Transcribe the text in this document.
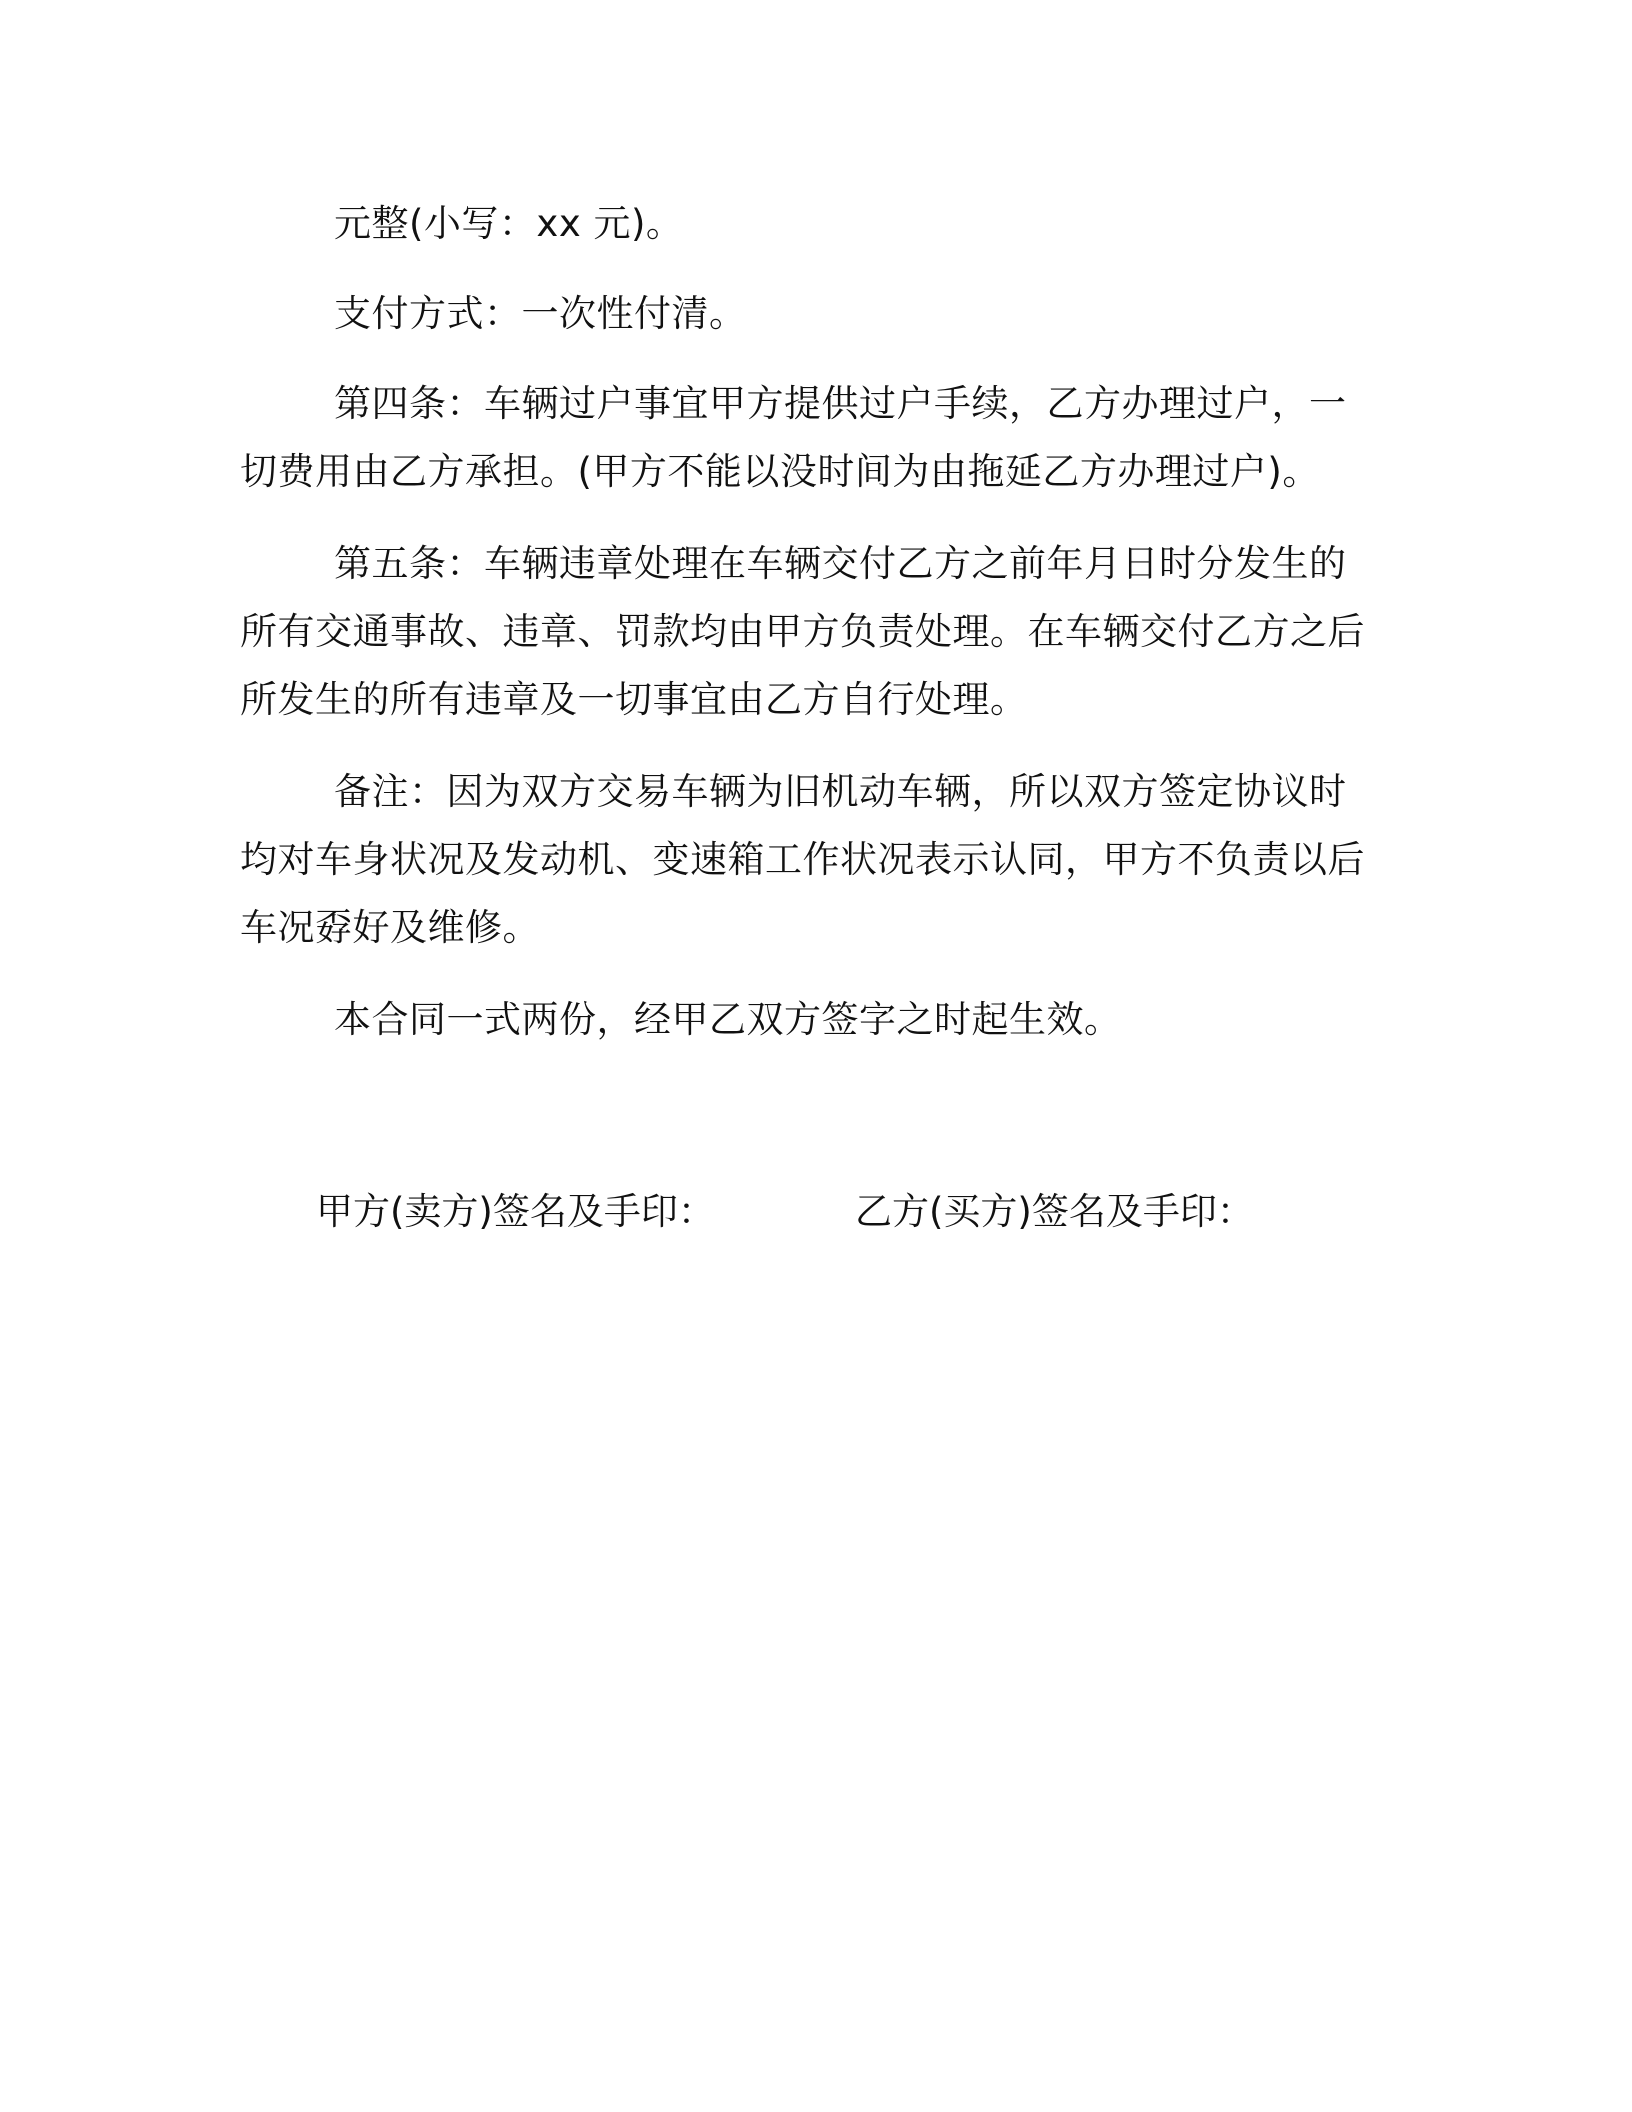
元整(小写：xx 元)。

支付方式：一次性付清。

第四条：车辆过户事宜甲方提供过户手续，乙方办理过户，一切费用由乙方承担。(甲方不能以没时间为由拖延乙方办理过户)。

第五条：车辆违章处理在车辆交付乙方之前年月日时分发生的所有交通事故、违章、罚款均由甲方负责处理。在车辆交付乙方之后所发生的所有违章及一切事宜由乙方自行处理。

备注：因为双方交易车辆为旧机动车辆，所以双方签定协议时均对车身状况及发动机、变速箱工作状况表示认同，甲方不负责以后车况孬好及维修。

本合同一式两份，经甲乙双方签字之时起生效。

甲方(卖方)签名及手印：	乙方(买方)签名及手印：
